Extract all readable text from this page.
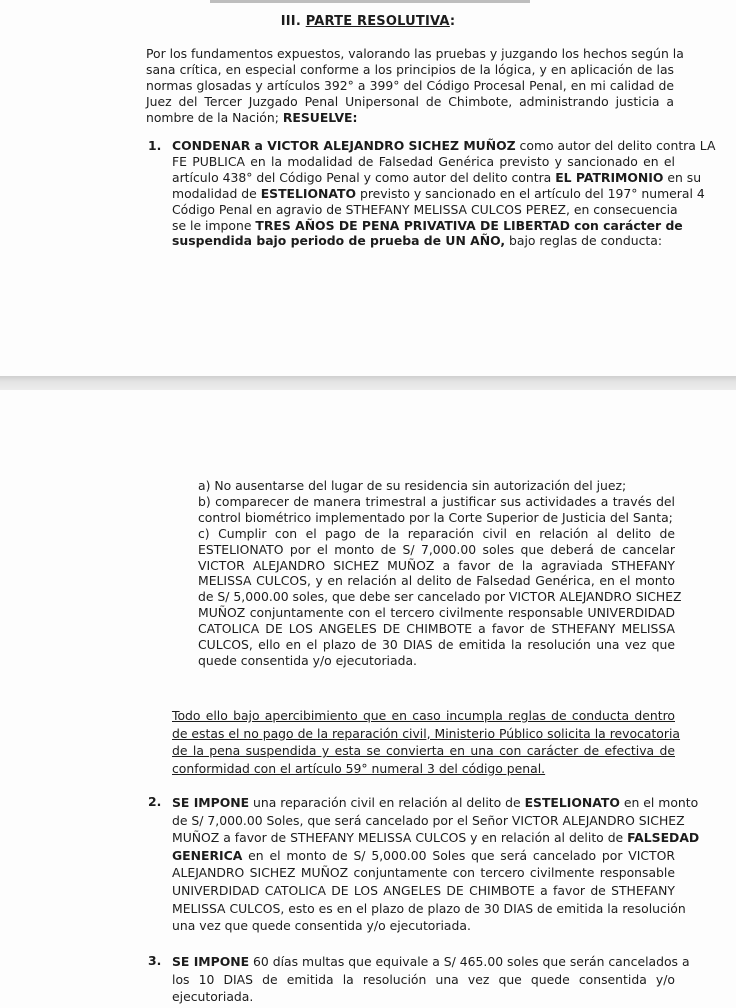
III. PARTE RESOLUTIVA:

Por los fundamentos expuestos, valorando las pruebas y juzgando los hechos según la
sana crítica, en especial conforme a los principios de la lógica, y en aplicación de las
normas glosadas y artículos 392° a 399° del Código Procesal Penal, en mi calidad de
Juez del Tercer Juzgado Penal Unipersonal de Chimbote, administrando justicia a
nombre de la Nación; RESUELVE:
1. CONDENAR a VICTOR ALEJANDRO SICHEZ MUÑOZ como autor del delito contra LA
FE PUBLICA en la modalidad de Falsedad Genérica previsto y sancionado en el
artículo 438° del Código Penal y como autor del delito contra EL PATRIMONIO en su
modalidad de ESTELIONATO previsto y sancionado en el artículo del 197° numeral 4
Código Penal en agravio de STHEFANY MELISSA CULCOS PEREZ, en consecuencia
se le impone TRES AÑOS DE PENA PRIVATIVA DE LIBERTAD con carácter de
suspendida bajo periodo de prueba de UN AÑO, bajo reglas de conducta:
a) No ausentarse del lugar de su residencia sin autorización del juez;
b) comparecer de manera trimestral a justificar sus actividades a través del
control biométrico implementado por la Corte Superior de Justicia del Santa;
c) Cumplir con el pago de la reparación civil en relación al delito de
ESTELIONATO por el monto de S/ 7,000.00 soles que deberá de cancelar
VICTOR ALEJANDRO SICHEZ MUÑOZ a favor de la agraviada STHEFANY
MELISSA CULCOS, y en relación al delito de Falsedad Genérica, en el monto
de S/ 5,000.00 soles, que debe ser cancelado por VICTOR ALEJANDRO SICHEZ
MUÑOZ conjuntamente con el tercero civilmente responsable UNIVERDIDAD
CATOLICA DE LOS ANGELES DE CHIMBOTE a favor de STHEFANY MELISSA
CULCOS, ello en el plazo de 30 DIAS de emitida la resolución una vez que
quede consentida y/o ejecutoriada.
Todo ello bajo apercibimiento que en caso incumpla reglas de conducta dentro
de estas el no pago de la reparación civil, Ministerio Público solicita la revocatoria
de la pena suspendida y esta se convierta en una con carácter de efectiva de
conformidad con el artículo 59° numeral 3 del código penal.
2. SE IMPONE una reparación civil en relación al delito de ESTELIONATO en el monto
de S/ 7,000.00 Soles, que será cancelado por el Señor VICTOR ALEJANDRO SICHEZ
MUÑOZ a favor de STHEFANY MELISSA CULCOS y en relación al delito de FALSEDAD
GENERICA en el monto de S/ 5,000.00 Soles que será cancelado por VICTOR
ALEJANDRO SICHEZ MUÑOZ conjuntamente con tercero civilmente responsable
UNIVERDIDAD CATOLICA DE LOS ANGELES DE CHIMBOTE a favor de STHEFANY
MELISSA CULCOS, esto es en el plazo de plazo de 30 DIAS de emitida la resolución
una vez que quede consentida y/o ejecutoriada.
3. SE IMPONE 60 días multas que equivale a S/ 465.00 soles que serán cancelados a
los 10 DIAS de emitida la resolución una vez que quede consentida y/o
ejecutoriada.
